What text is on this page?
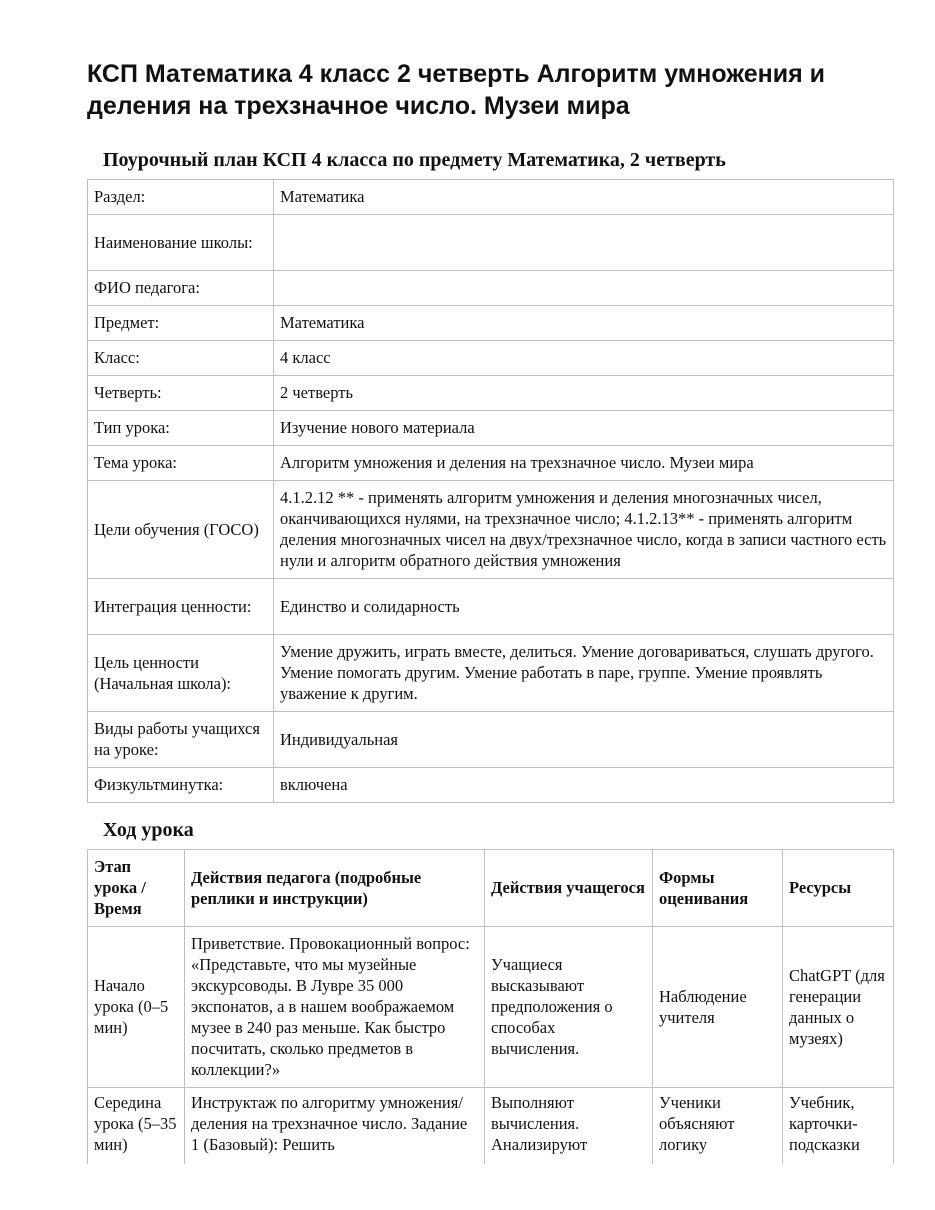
КСП Математика 4 класс 2 четверть Алгоритм умножения и деления на трехзначное число. Музеи мира
Поурочный план КСП 4 класса по предмету Математика, 2 четверть
Раздел:	Математика
Наименование школы:	
ФИО педагога:	
Предмет:	Математика
Класс:	4 класс
Четверть:	2 четверть
Тип урока:	Изучение нового материала
Тема урока:	Алгоритм умножения и деления на трехзначное число. Музеи мира
Цели обучения (ГОСО)	4.1.2.12 ** - применять алгоритм умножения и деления многозначных чисел, оканчивающихся нулями, на трехзначное число; 4.1.2.13** - применять алгоритм деления многозначных чисел на двух/трехзначное число, когда в записи частного есть нули и алгоритм обратного действия умножения
Интеграция ценности:	Единство и солидарность
Цель ценности (Начальная школа):	Умение дружить, играть вместе, делиться. Умение договариваться, слушать другого. Умение помогать другим. Умение работать в паре, группе. Умение проявлять уважение к другим.
Виды работы учащихся на уроке:	Индивидуальная
Физкультминутка:	включена
Ход урока
Этап урока / Время	Действия педагога (подробные реплики и инструкции)	Действия учащегося	Формы оценивания	Ресурсы
Начало урока (0–5 мин)	Приветствие. Провокационный вопрос: «Представьте, что мы музейные экскурсоводы. В Лувре 35 000 экспонатов, а в нашем воображаемом музее в 240 раз меньше. Как быстро посчитать, сколько предметов в коллекции?»	Учащиеся высказывают предположения о способах вычисления.	Наблюдение учителя	ChatGPT (для генерации данных о музеях)
Середина урока (5–35 мин)	Инструктаж по алгоритму умножения/деления на трехзначное число. Задание 1 (Базовый): Решить	Выполняют вычисления. Анализируют	Ученики объясняют логику	Учебник, карточки-подсказки
